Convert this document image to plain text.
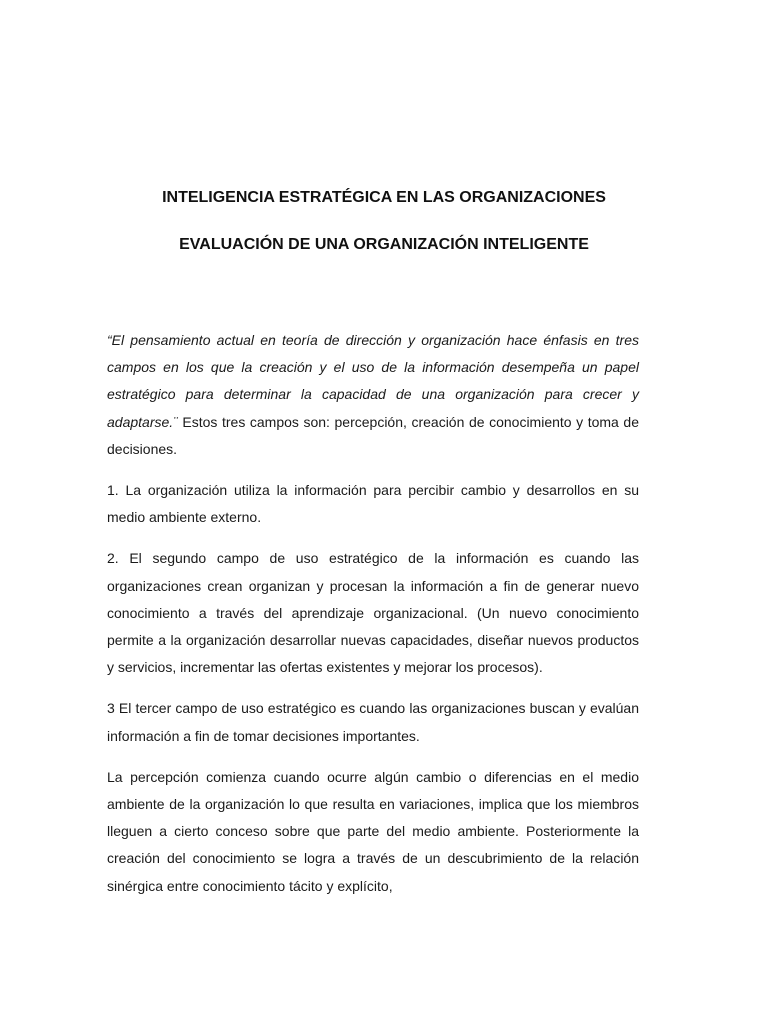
INTELIGENCIA ESTRATÉGICA EN LAS ORGANIZACIONES
EVALUACIÓN DE UNA ORGANIZACIÓN INTELIGENTE

“El pensamiento actual en teoría de dirección y organización hace énfasis en tres campos en los que la creación y el uso de la información desempeña un papel estratégico para determinar la capacidad de una organización para crecer y adaptarse.¨ Estos tres campos son: percepción, creación de conocimiento y toma de decisiones.

1. La organización utiliza la información para percibir cambio y desarrollos en su medio ambiente externo.

2. El segundo campo de uso estratégico de la información es cuando las organizaciones crean organizan y procesan la información a fin de generar nuevo conocimiento a través del aprendizaje organizacional. (Un nuevo conocimiento permite a la organización desarrollar nuevas capacidades, diseñar nuevos productos y servicios, incrementar las ofertas existentes y mejorar los procesos).

3 El tercer campo de uso estratégico es cuando las organizaciones buscan y evalúan información a fin de tomar decisiones importantes.

La percepción comienza cuando ocurre algún cambio o diferencias en el medio ambiente de la organización lo que resulta en variaciones, implica que los miembros lleguen a cierto conceso sobre que parte del medio ambiente. Posteriormente la creación del conocimiento se logra a través de un descubrimiento de la relación sinérgica entre conocimiento tácito y explícito,
